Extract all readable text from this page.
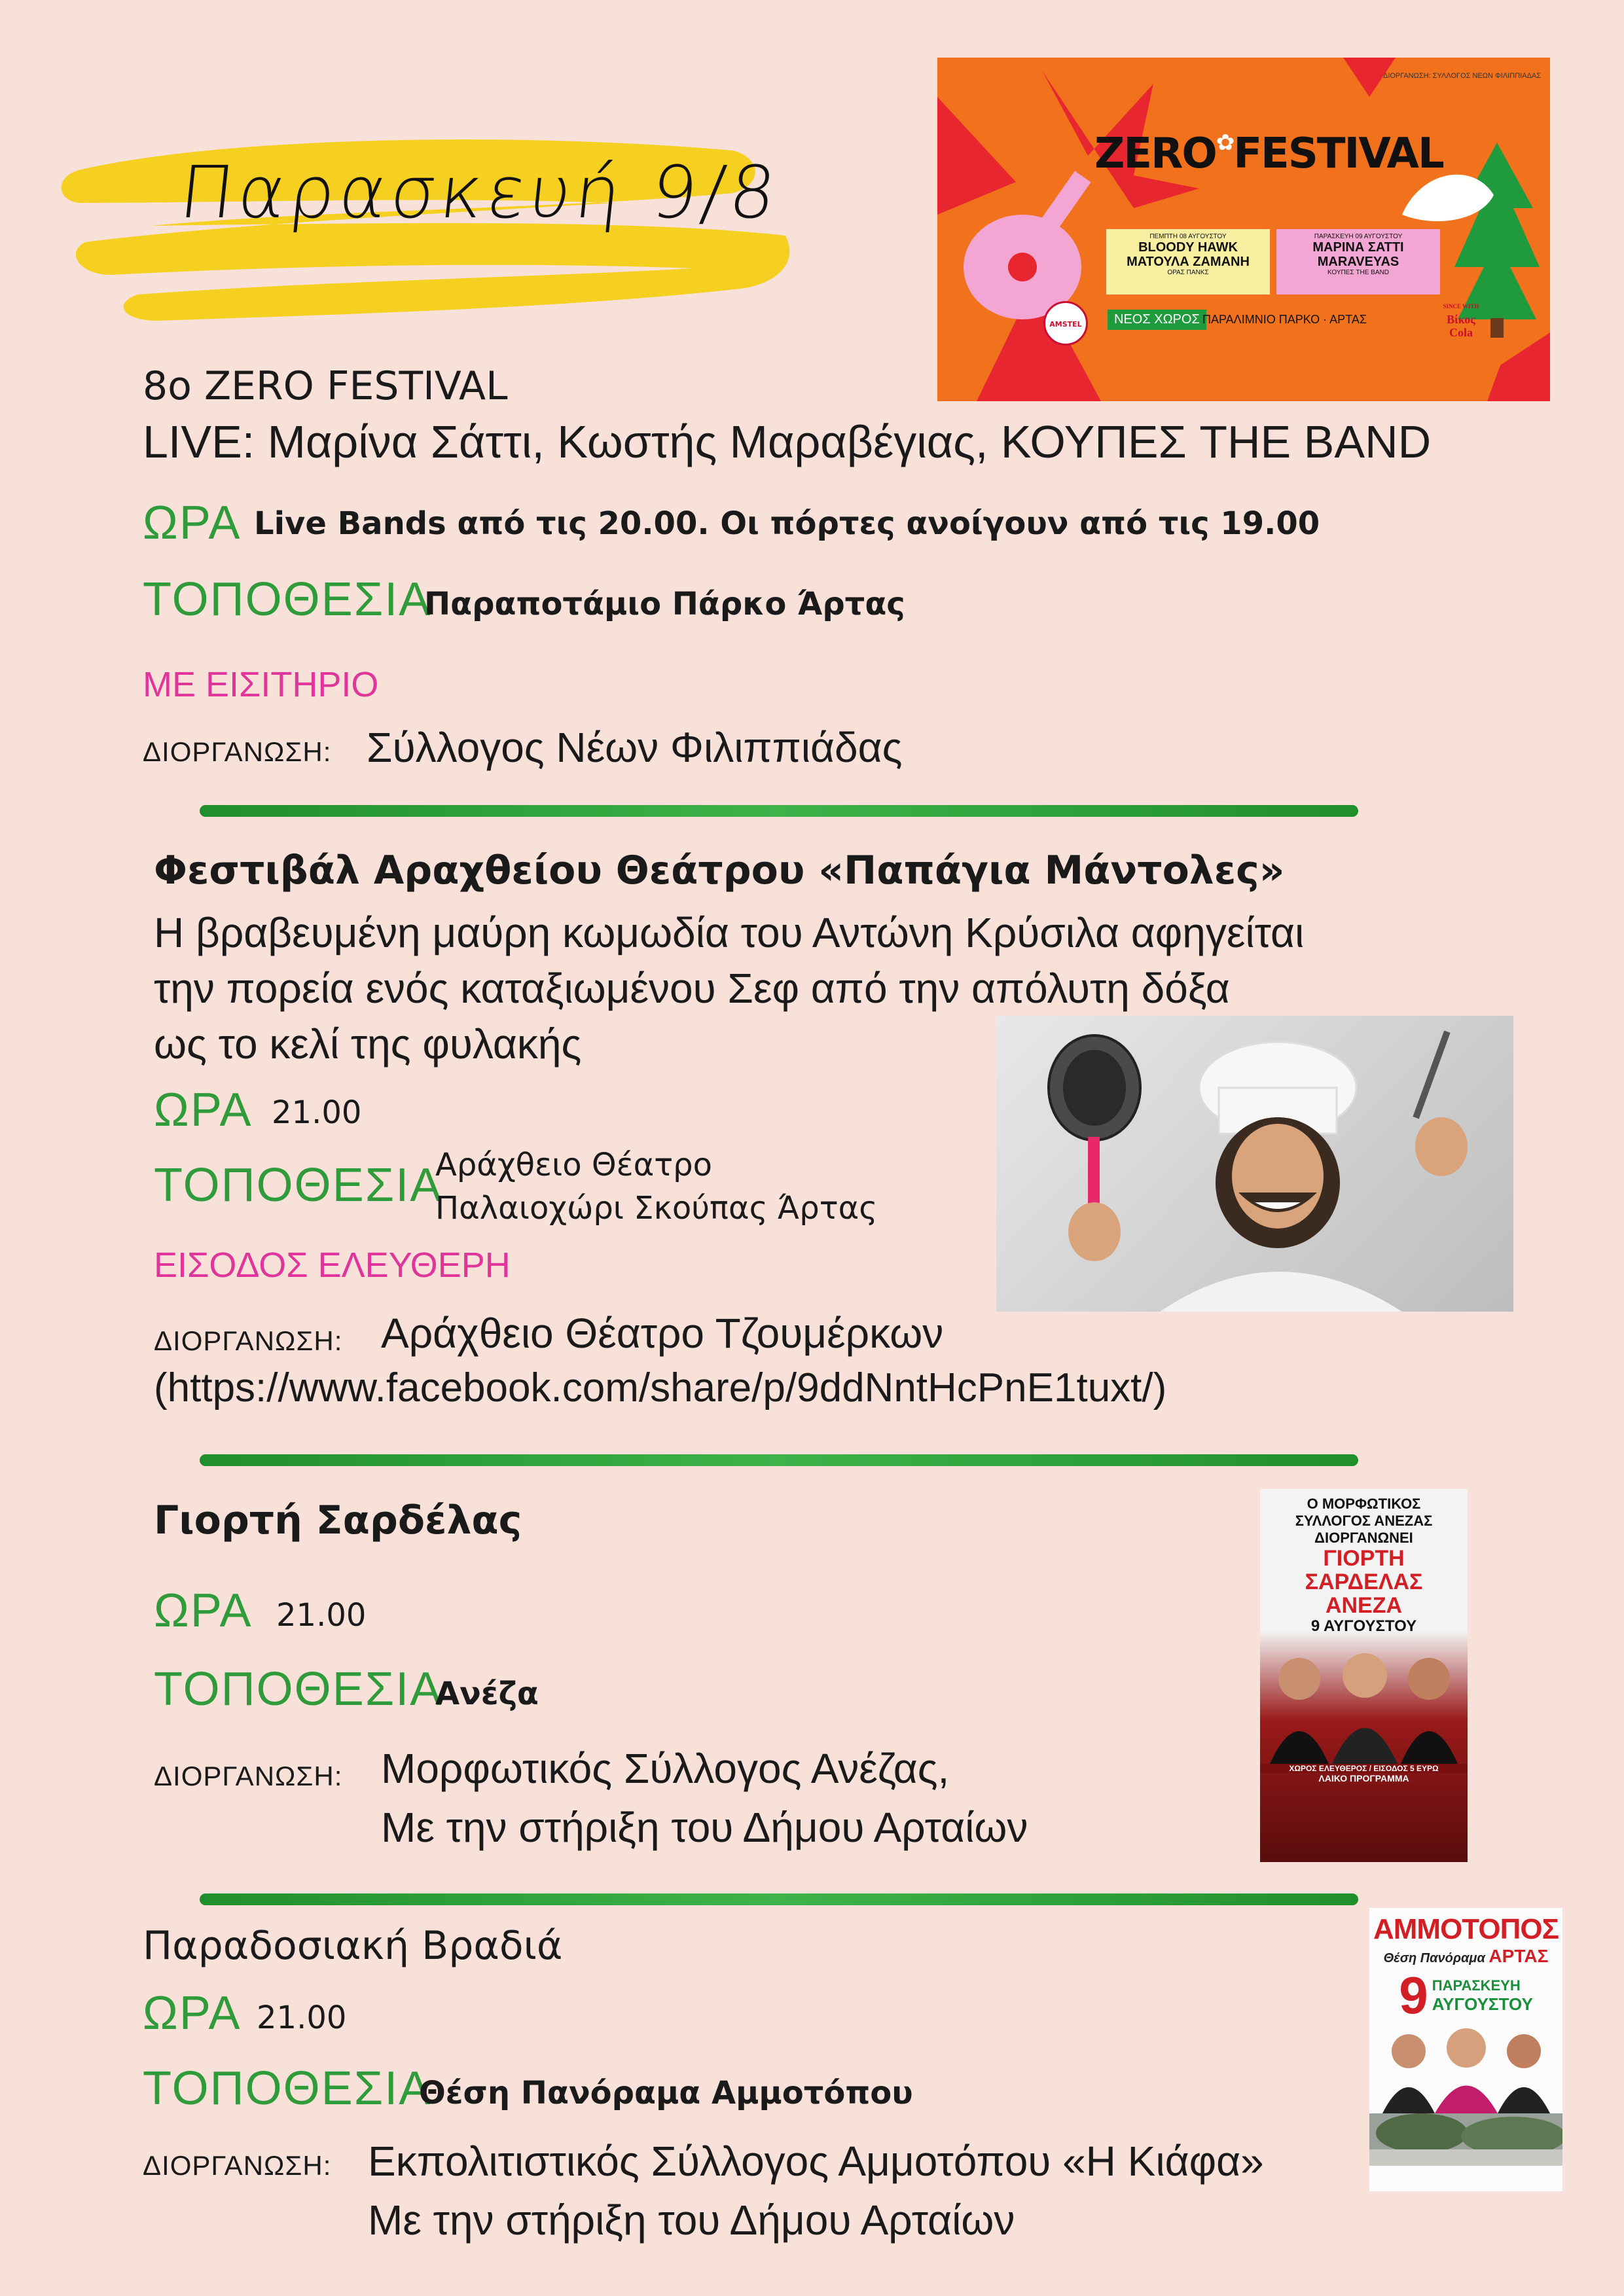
Παρασκευή 9/8
ΔΙΟΡΓΑΝΩΣΗ: ΣΥΛΛΟΓΟΣ ΝΕΩΝ ΦΙΛΙΠΠΙΑΔΑΣ
ZERO✿FESTIVAL
ΠΕΜΠΤΗ 08 ΑΥΓΟΥΣΤΟΥ
BLOODY HAWK
ΜΑΤΟΥΛΑ ΖΑΜΑΝΗ
ΟΡΑΣ ΠΑΝΚΣ
ΠΑΡΑΣΚΕΥΗ 09 ΑΥΓΟΥΣΤΟΥ
ΜΑΡΙΝΑ ΣΑΤΤΙ
MARAVEYAS
ΚΟΥΠΕΣ THE BAND
AMSTEL	ΝΕΟΣ ΧΩΡΟΣ ΠΑΡΑΛΙΜΝΙΟ ΠΑΡΚΟ · ΑΡΤΑΣ
SINCE WITH
Βίκος Cola
8ο ZERO FESTIVAL
LIVE: Μαρίνα Σάττι, Κωστής Μαραβέγιας, ΚΟΥΠΕΣ THE BAND
ΩΡΑ Live Bands από τις 20.00. Οι πόρτες ανοίγουν από τις 19.00
ΤΟΠΟΘΕΣΙΑ
Παραποτάμιο Πάρκο Άρτας
ΜΕ ΕΙΣΙΤΗΡΙΟ
ΔΙΟΡΓΑΝΩΣΗ: Σύλλογος Νέων Φιλιππιάδας
Φεστιβάλ Αραχθείου Θεάτρου «Παπάγια Μάντολες»
Η βραβευμένη μαύρη κωμωδία του Αντώνη Κρύσιλα αφηγείται
την πορεία ενός καταξιωμένου Σεφ από την απόλυτη δόξα
ως το κελί της φυλακής
ΩΡΑ 21.00
ΤΟΠΟΘΕΣΙΑ
Αράχθειο Θέατρο
Παλαιοχώρι Σκούπας Άρτας
ΕΙΣΟΔΟΣ ΕΛΕΥΘΕΡΗ
ΔΙΟΡΓΑΝΩΣΗ: Αράχθειο Θέατρο Τζουμέρκων
(https://www.facebook.com/share/p/9ddNntHcPnE1tuxt/)
Γιορτή Σαρδέλας
ΩΡΑ 21.00
ΤΟΠΟΘΕΣΙΑ
Ανέζα
ΔΙΟΡΓΑΝΩΣΗ: Μορφωτικός Σύλλογος Ανέζας,
Με την στήριξη του Δήμου Αρταίων
Ο ΜΟΡΦΩΤΙΚΟΣ
ΣΥΛΛΟΓΟΣ ΑΝΕΖΑΣ
ΔΙΟΡΓΑΝΩΝΕΙ
ΓΙΟΡΤΗ
ΣΑΡΔΕΛΑΣ
ΑΝΕΖΑ
9 ΑΥΓΟΥΣΤΟΥ
ΧΩΡΟΣ ΕΛΕΥΘΕΡΟΣ / ΕΙΣΟΔΟΣ 5 ΕΥΡΩ
ΛΑΙΚΟ ΠΡΟΓΡΑΜΜΑ
Παραδοσιακή Βραδιά
ΩΡΑ 21.00
ΤΟΠΟΘΕΣΙΑ
Θέση Πανόραμα Αμμοτόπου
ΔΙΟΡΓΑΝΩΣΗ: Εκπολιτιστικός Σύλλογος Αμμοτόπου «Η Κιάφα»
Με την στήριξη του Δήμου Αρταίων
ΑΜΜΟΤΟΠΟΣ
Θέση Πανόραμα ΑΡΤΑΣ
9 ΠΑΡΑΣΚΕΥΗ
ΑΥΓΟΥΣΤΟΥ
